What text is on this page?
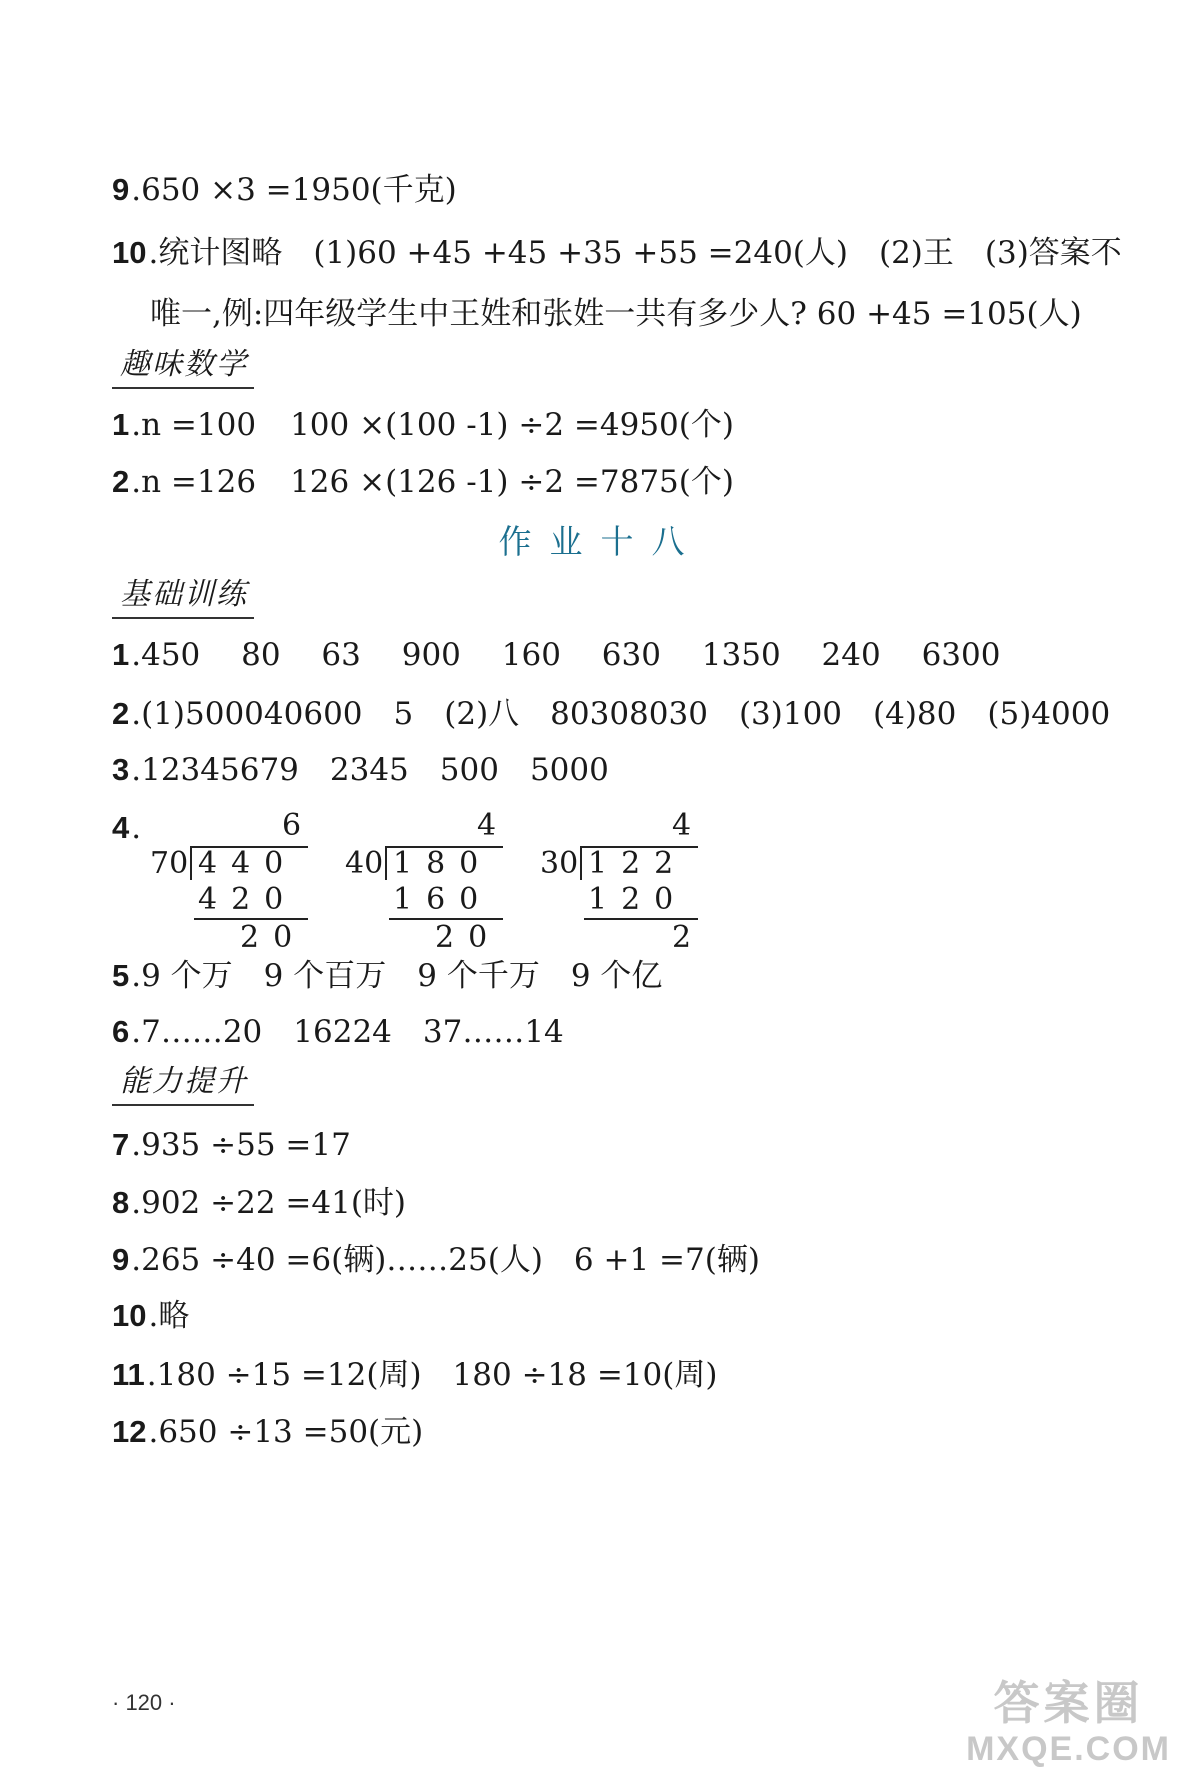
9.650 ×3 =1950(千克)
10.统计图略　(1)60 +45 +45 +35 +55 =240(人)　(2)王　(3)答案不
唯一,例:四年级学生中王姓和张姓一共有多少人? 60 +45 =105(人)
趣味数学
1.n =100 100 ×(100 -1) ÷2 =4950(个)
2.n =126 126 ×(126 -1) ÷2 =7875(个)
作业十八
基础训练
1.450　 80　 63　 900　 160　 630　 1350　 240　 6300
2.(1)500040600　5　(2)八　80308030　(3)100　(4)80　(5)4000
3.12345679　2345　500　5000
4.	6
70 440
420
20
4
40 180
160
20
4
30 122
120
2
5.9 个万　9 个百万　9 个千万　9 个亿
6.7……20　16224　37……14
能力提升
7.935 ÷55 =17
8.902 ÷22 =41(时)
9.265 ÷40 =6(辆)……25(人)　6 +1 =7(辆)
10.略
11.180 ÷15 =12(周)　180 ÷18 =10(周)
12.650 ÷13 =50(元)
· 120 ·	答案圈
MXQE.COM
